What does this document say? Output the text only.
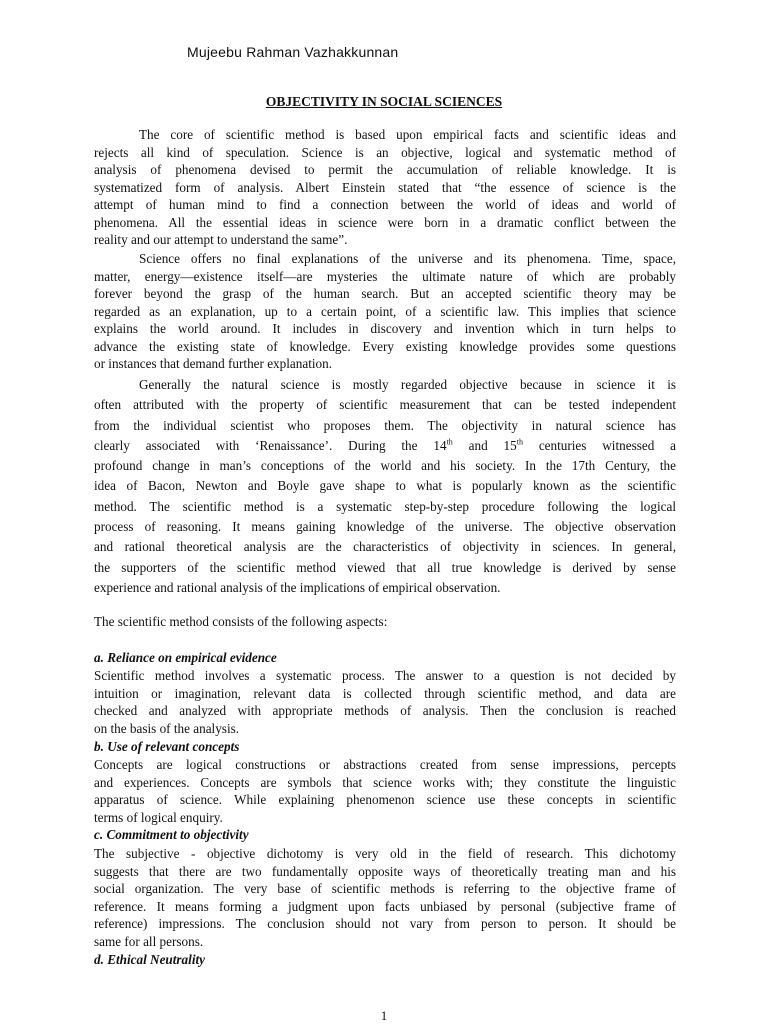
Mujeebu Rahman Vazhakkunnan
OBJECTIVITY IN SOCIAL SCIENCES
The core of scientific method is based upon empirical facts and scientific ideas and
rejects all kind of speculation. Science is an objective, logical and systematic method of
analysis of phenomena devised to permit the accumulation of reliable knowledge. It is
systematized form of analysis. Albert Einstein stated that “the essence of science is the
attempt of human mind to find a connection between the world of ideas and world of
phenomena. All the essential ideas in science were born in a dramatic conflict between the
reality and our attempt to understand the same”.
Science offers no final explanations of the universe and its phenomena. Time, space,
matter, energy—existence itself—are mysteries the ultimate nature of which are probably
forever beyond the grasp of the human search. But an accepted scientific theory may be
regarded as an explanation, up to a certain point, of a scientific law. This implies that science
explains the world around. It includes in discovery and invention which in turn helps to
advance the existing state of knowledge. Every existing knowledge provides some questions
or instances that demand further explanation.
Generally the natural science is mostly regarded objective because in science it is
often attributed with the property of scientific measurement that can be tested independent
from the individual scientist who proposes them. The objectivity in natural science has
clearly associated with ‘Renaissance’. During the 14th and 15th centuries witnessed a
profound change in man’s conceptions of the world and his society. In the 17th Century, the
idea of Bacon, Newton and Boyle gave shape to what is popularly known as the scientific
method. The scientific method is a systematic step-by-step procedure following the logical
process of reasoning. It means gaining knowledge of the universe. The objective observation
and rational theoretical analysis are the characteristics of objectivity in sciences. In general,
the supporters of the scientific method viewed that all true knowledge is derived by sense
experience and rational analysis of the implications of empirical observation.
The scientific method consists of the following aspects:
a. Reliance on empirical evidence
Scientific method involves a systematic process. The answer to a question is not decided by
intuition or imagination, relevant data is collected through scientific method, and data are
checked and analyzed with appropriate methods of analysis. Then the conclusion is reached
on the basis of the analysis.
b. Use of relevant concepts
Concepts are logical constructions or abstractions created from sense impressions, percepts
and experiences. Concepts are symbols that science works with; they constitute the linguistic
apparatus of science. While explaining phenomenon science use these concepts in scientific
terms of logical enquiry.
c. Commitment to objectivity
The subjective - objective dichotomy is very old in the field of research. This dichotomy
suggests that there are two fundamentally opposite ways of theoretically treating man and his
social organization. The very base of scientific methods is referring to the objective frame of
reference. It means forming a judgment upon facts unbiased by personal (subjective frame of
reference) impressions. The conclusion should not vary from person to person. It should be
same for all persons.
d. Ethical Neutrality
1
